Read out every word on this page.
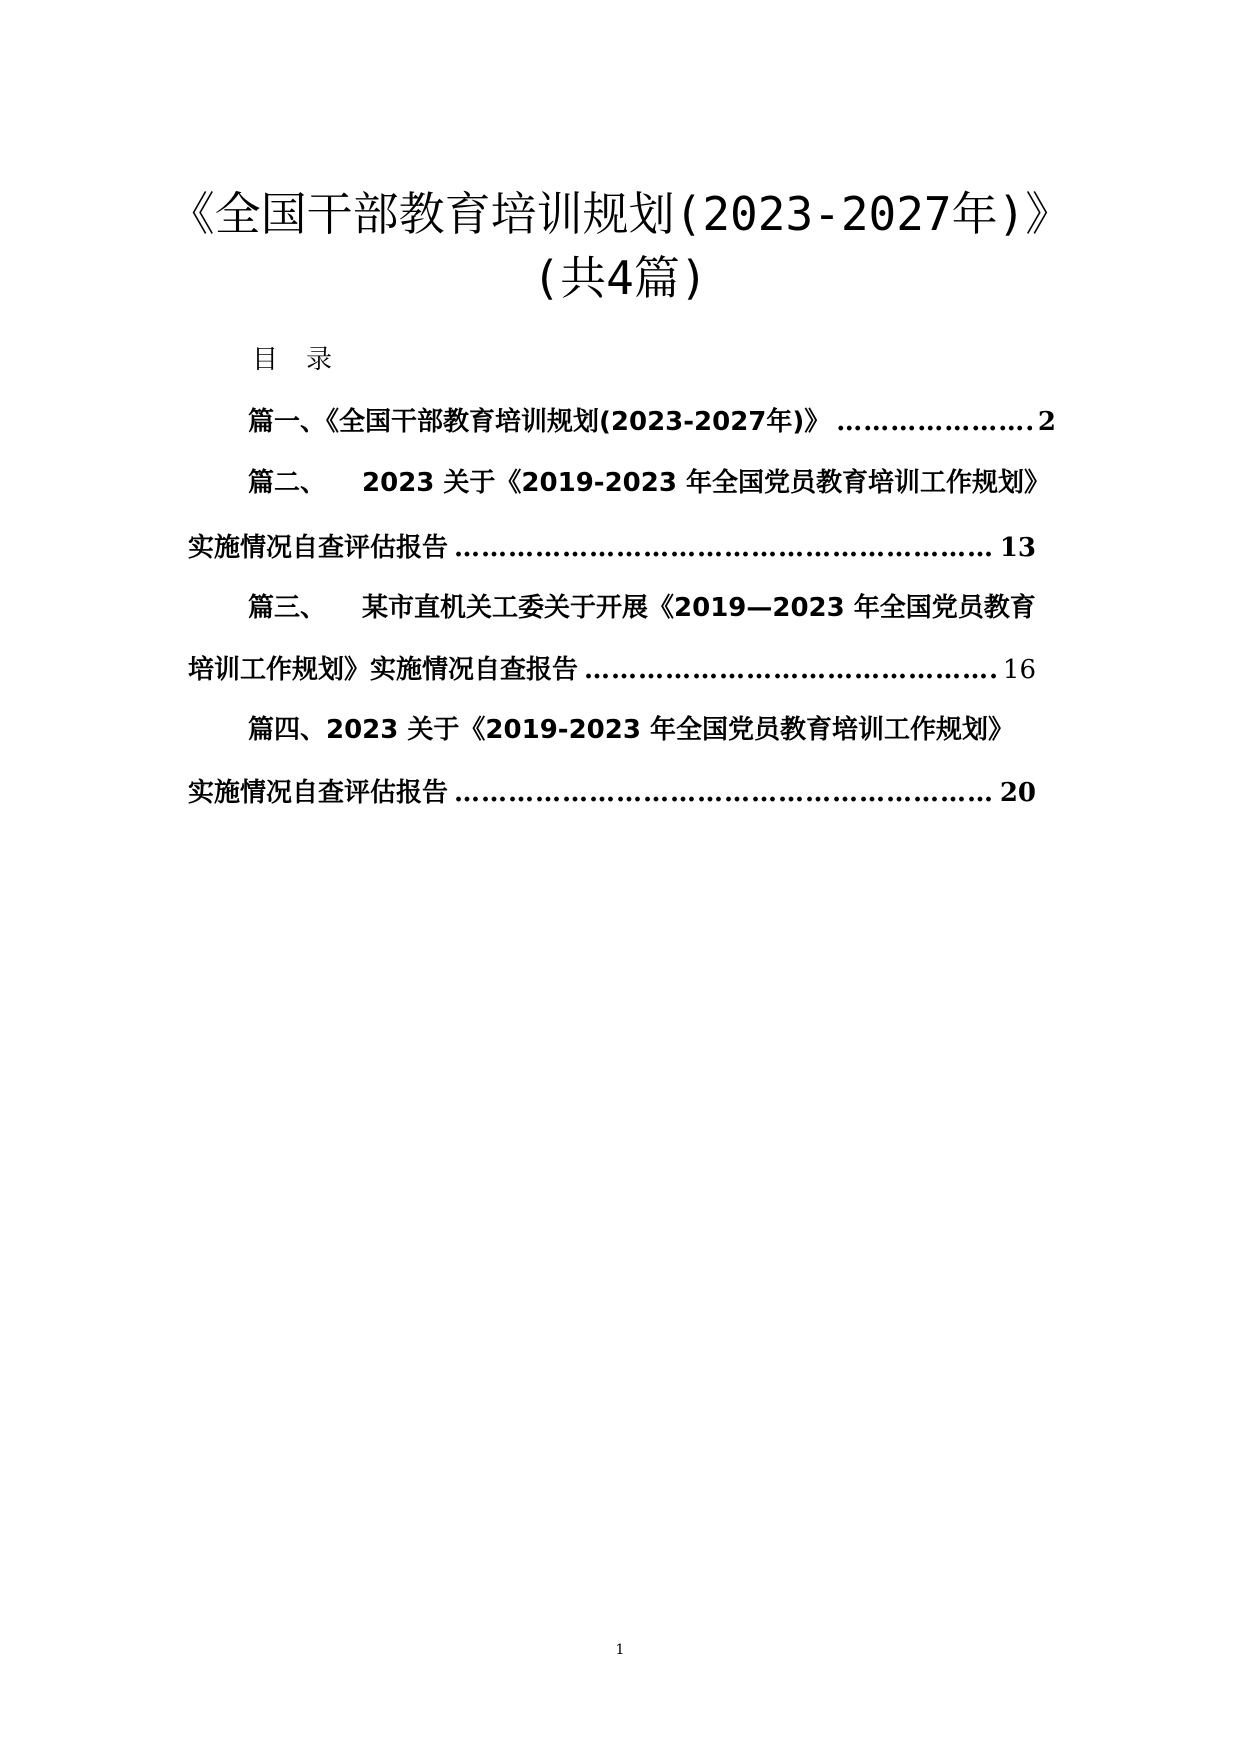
《全国干部教育培训规划(2023-2027年)》
(共4篇)
目录
篇一、《全国干部教育培训规划(2023-2027年)》 ……………………………………………………………………………………………………………………………………………………………………	2
篇二、 2023 关于《2019-2023 年全国党员教育培训工作规划》
实施情况自查评估报告 ……………………………………………………………………………………………………………………………………………………………………	13
篇三、 某市直机关工委关于开展《2019—2023 年全国党员教育
培训工作规划》实施情况自查报告 ……………………………………………………………………………………………………………………………………………………………………	16
篇四、2023 关于《2019-2023 年全国党员教育培训工作规划》
实施情况自查评估报告 ……………………………………………………………………………………………………………………………………………………………………	20
1
